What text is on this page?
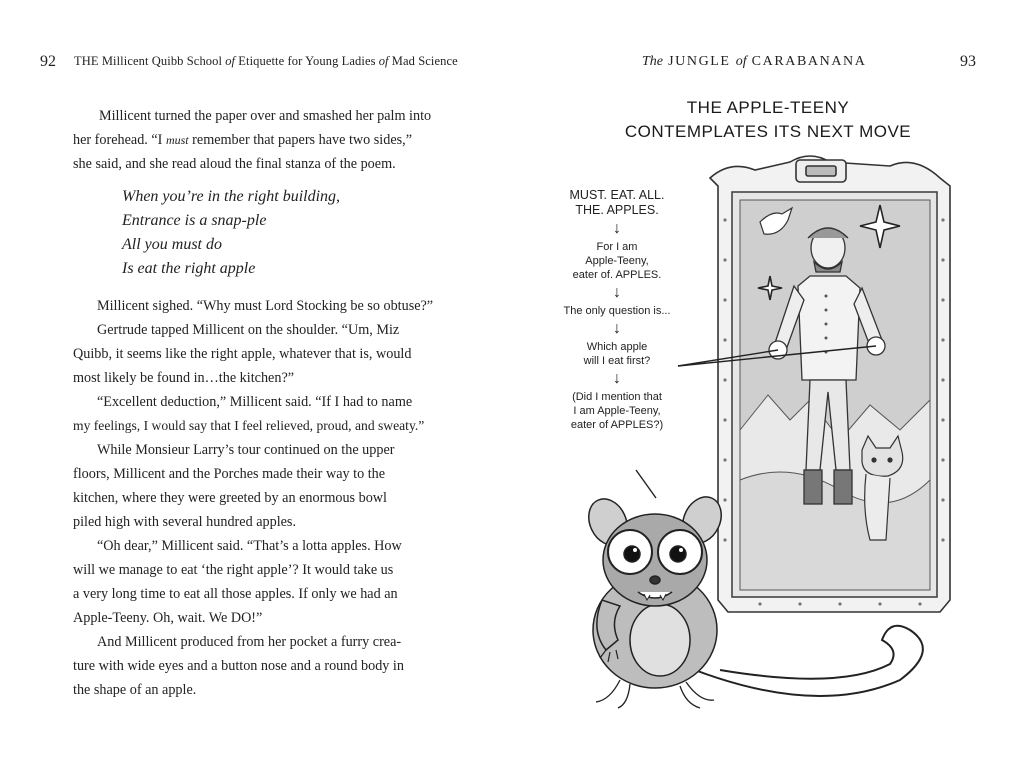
92 THE Millicent Quibb School of Etiquette for Young Ladies of Mad Science
Millicent turned the paper over and smashed her palm into
her forehead. “I must remember that papers have two sides,”
she said, and she read aloud the final stanza of the poem.
When you’re in the right building,
Entrance is a snap-ple
All you must do
Is eat the right apple
Millicent sighed. “Why must Lord Stocking be so obtuse?”
Gertrude tapped Millicent on the shoulder. “Um, Miz
Quibb, it seems like the right apple, whatever that is, would
most likely be found in…the kitchen?”
“Excellent deduction,” Millicent said. “If I had to name
my feelings, I would say that I feel relieved, proud, and sweaty.”
While Monsieur Larry’s tour continued on the upper
floors, Millicent and the Porches made their way to the
kitchen, where they were greeted by an enormous bowl
piled high with several hundred apples.
“Oh dear,” Millicent said. “That’s a lotta apples. How
will we manage to eat ‘the right apple’? It would take us
a very long time to eat all those apples. If only we had an
Apple-Teeny. Oh, wait. We DO!”
And Millicent produced from her pocket a furry crea-
ture with wide eyes and a button nose and a round body in
the shape of an apple.
The JUNGLE of CARABANANA	93
THE APPLE-TEENY
CONTEMPLATES ITS NEXT MOVE
MUST. EAT. ALL.
THE. APPLES.
↓
For I am
Apple-Teeny,
eater of. APPLES.
↓
The only question is...
↓
Which apple
will I eat first?
↓
(Did I mention that
I am Apple-Teeny,
eater of APPLES?)
